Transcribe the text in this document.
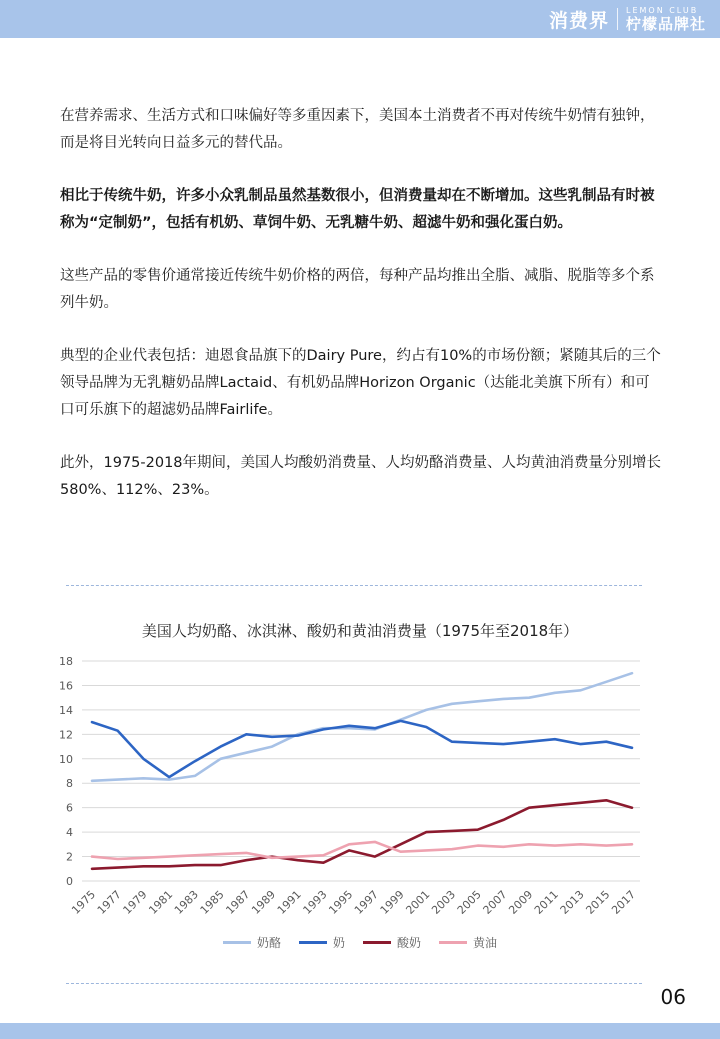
消费界 LEMON CLUB
柠檬品牌社

在营养需求、生活方式和口味偏好等多重因素下，美国本土消费者不再对传统牛奶情有独钟，而是将目光转向日益多元的替代品。

相比于传统牛奶，许多小众乳制品虽然基数很小，但消费量却在不断增加。这些乳制品有时被称为“定制奶”，包括有机奶、草饲牛奶、无乳糖牛奶、超滤牛奶和强化蛋白奶。

这些产品的零售价通常接近传统牛奶价格的两倍，每种产品均推出全脂、减脂、脱脂等多个系列牛奶。

典型的企业代表包括：迪恩食品旗下的Dairy Pure，约占有10%的市场份额；紧随其后的三个领导品牌为无乳糖奶品牌Lactaid、有机奶品牌Horizon Organic（达能北美旗下所有）和可口可乐旗下的超滤奶品牌Fairlife。

此外，1975-2018年期间，美国人均酸奶消费量、人均奶酪消费量、人均黄油消费量分别增长580%、112%、23%。

美国人均奶酪、冰淇淋、酸奶和黄油消费量（1975年至2018年）
0
2
4
6
8
10
12
14
16
18
1975
1977
1979
1981
1983
1985
1987
1989
1991
1993
1995
1997
1999
2001
2003
2005
2007
2009
2011
2013
2015
2017
奶酪	奶	酸奶	黄油
06
